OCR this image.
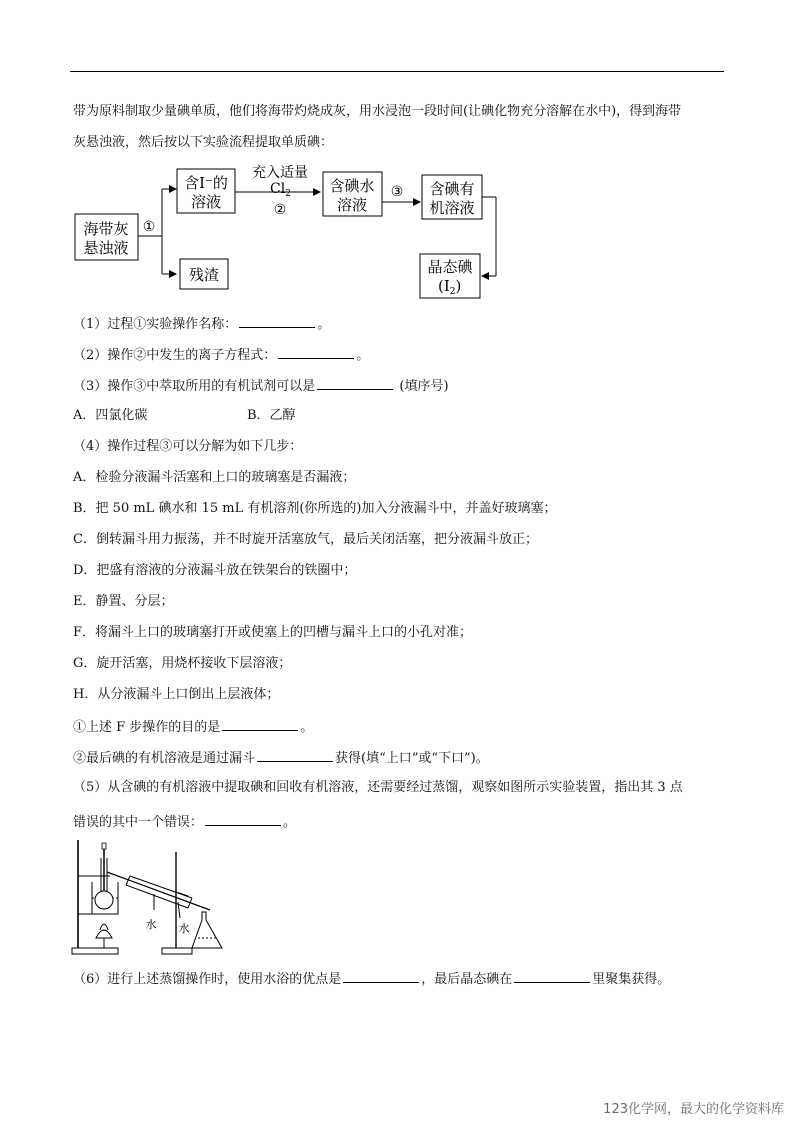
带为原料制取少量碘单质，他们将海带灼烧成灰，用水浸泡一段时间(让碘化物充分溶解在水中)，得到海带
灰悬浊液，然后按以下实验流程提取单质碘：
海带灰
悬浊液
①
含I⁻的
溶液
残渣
充入适量
$Cl_2$
②
含碘水
溶液
③ 含碘有
机溶液
晶态碘
$(I_2)$
（1）过程①实验操作名称：	。
（2）操作②中发生的离子方程式：	。
（3）操作③中萃取所用的有机试剂可以是	(填序号)
A．四氯化碳	B．乙醇
（4）操作过程③可以分解为如下几步：
A．检验分液漏斗活塞和上口的玻璃塞是否漏液；
B．把 50 mL 碘水和 15 mL 有机溶剂(你所选的)加入分液漏斗中，并盖好玻璃塞；
C．倒转漏斗用力振荡，并不时旋开活塞放气，最后关闭活塞，把分液漏斗放正；
D．把盛有溶液的分液漏斗放在铁架台的铁圈中；
E．静置、分层；
F．将漏斗上口的玻璃塞打开或使塞上的凹槽与漏斗上口的小孔对准；
G．旋开活塞，用烧杯接收下层溶液；
H．从分液漏斗上口倒出上层液体；
①上述 F 步操作的目的是	。
②最后碘的有机溶液是通过漏斗	获得(填“上口”或“下口”)。
（5）从含碘的有机溶液中提取碘和回收有机溶液，还需要经过蒸馏，观察如图所示实验装置，指出其 3 点
错误的其中一个错误：	。
水 水
（6）进行上述蒸馏操作时，使用水浴的优点是	，最后晶态碘在	里聚集获得。
123化学网，最大的化学资料库
